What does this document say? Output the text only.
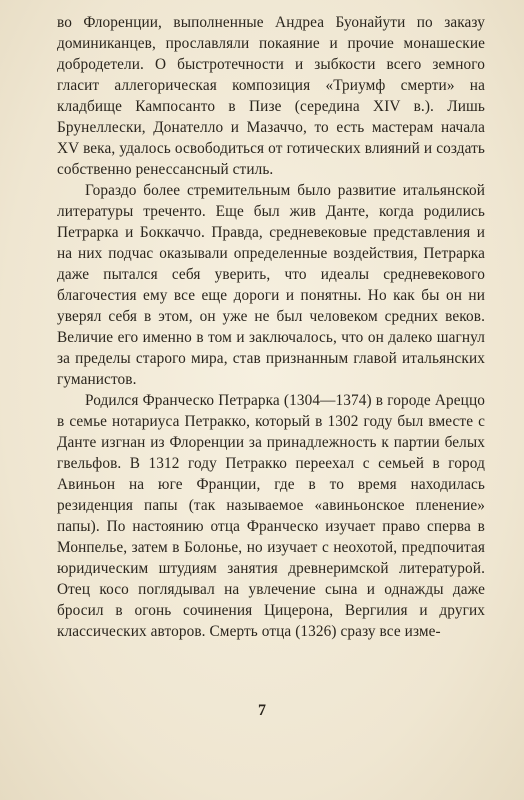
во Флоренции, выполненные Андреа Буонайути по заказу доминиканцев, прославляли покаяние и прочие монашеские добродетели. О быстротечности и зыбкости всего земного гласит аллегорическая композиция «Триумф смерти» на кладбище Кампосанто в Пизе (середина XIV в.). Лишь Брунеллески, Донателло и Мазаччо, то есть мастерам начала XV века, удалось освободиться от готических влияний и создать собственно ренессансный стиль.

Гораздо более стремительным было развитие итальянской литературы треченто. Еще был жив Данте, когда родились Петрарка и Боккаччо. Правда, средневековые представления и на них подчас оказывали определенные воздействия, Петрарка даже пытался себя уверить, что идеалы средневекового благочестия ему все еще дороги и понятны. Но как бы он ни уверял себя в этом, он уже не был человеком средних веков. Величие его именно в том и заключалось, что он далеко шагнул за пределы старого мира, став признанным главой итальянских гуманистов.

Родился Франческо Петрарка (1304—1374) в городе Ареццо в семье нотариуса Петракко, который в 1302 году был вместе с Данте изгнан из Флоренции за принадлежность к партии белых гвельфов. В 1312 году Петракко переехал с семьей в город Авиньон на юге Франции, где в то время находилась резиденция папы (так называемое «авиньонское пленение» папы). По настоянию отца Франческо изучает право сперва в Монпелье, затем в Болонье, но изучает с неохотой, предпочитая юридическим штудиям занятия древнеримской литературой. Отец косо поглядывал на увлечение сына и однажды даже бросил в огонь сочинения Цицерона, Вергилия и других классических авторов. Смерть отца (1326) сразу все изме-

7
